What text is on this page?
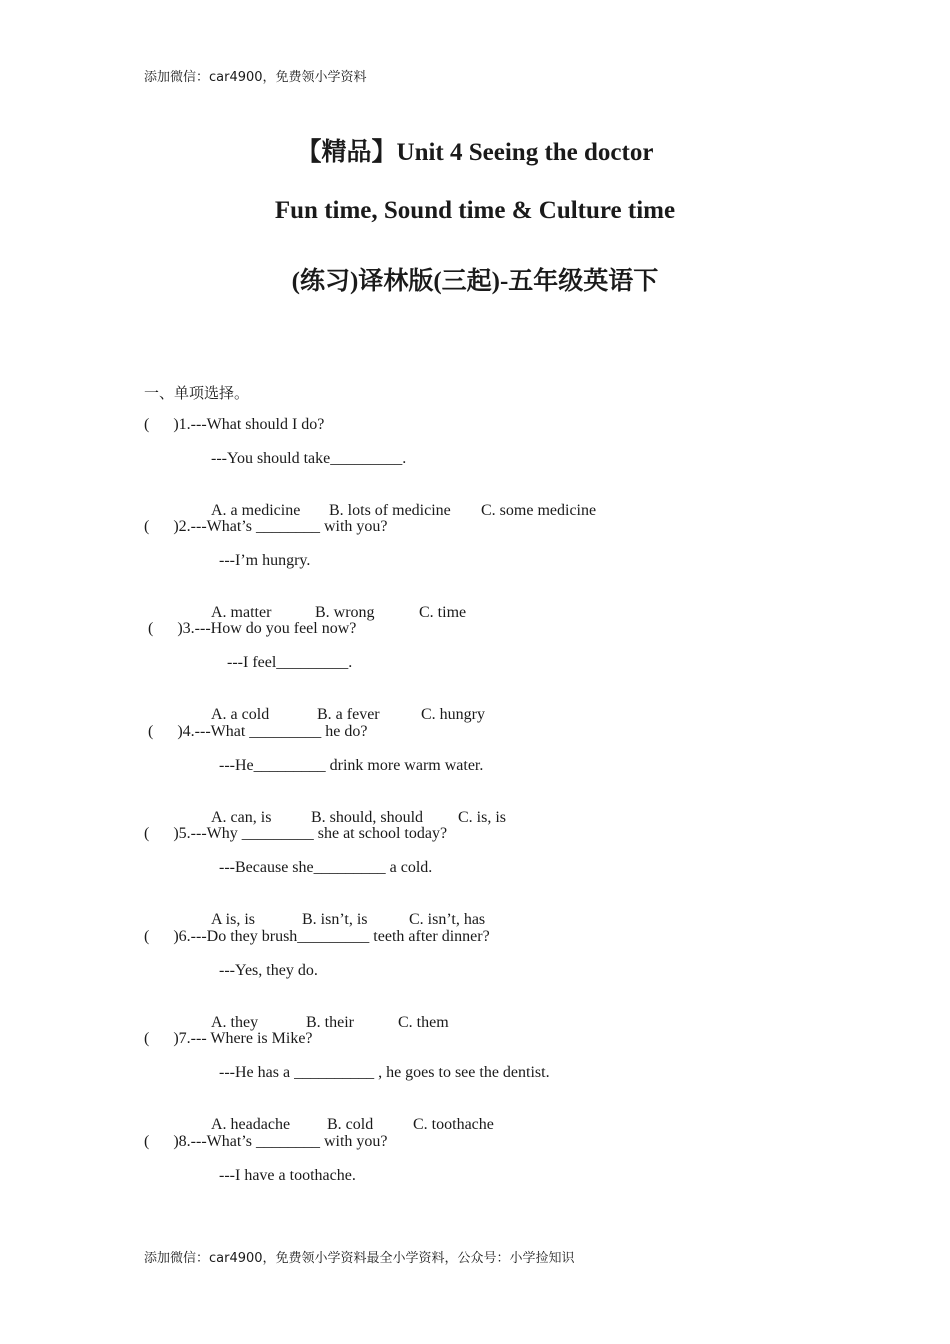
添加微信：car4900，免费领小学资料
【精品】Unit 4 Seeing the doctor
Fun time, Sound time & Culture time
(练习)译林版(三起)-五年级英语下
一、单项选择。
(      )1.---What should I do?
---You should take_________.

A. a medicine B. lots of medicine C. some medicine

(      )2.---What’s ________ with you?
---I’m hungry.

A. matter	B. wrong	C. time

(      )3.---How do you feel now?
---I feel_________.

A. a cold	B. a fever	C. hungry

(      )4.---What _________ he do?
---He_________ drink more warm water.

A. can, is B. should, should C. is, is

(      )5.---Why _________ she at school today?
---Because she_________ a cold.

A is, is	B. isn’t, is	C. isn’t, has

(      )6.---Do they brush_________ teeth after dinner?
---Yes, they do.

A. they	B. their	C. them

(      )7.--- Where is Mike?
---He has a __________ , he goes to see the dentist.

A. headache B. cold C. toothache

(      )8.---What’s ________ with you?
---I have a toothache.
添加微信：car4900，免费领小学资料最全小学资料，公众号：小学捡知识
